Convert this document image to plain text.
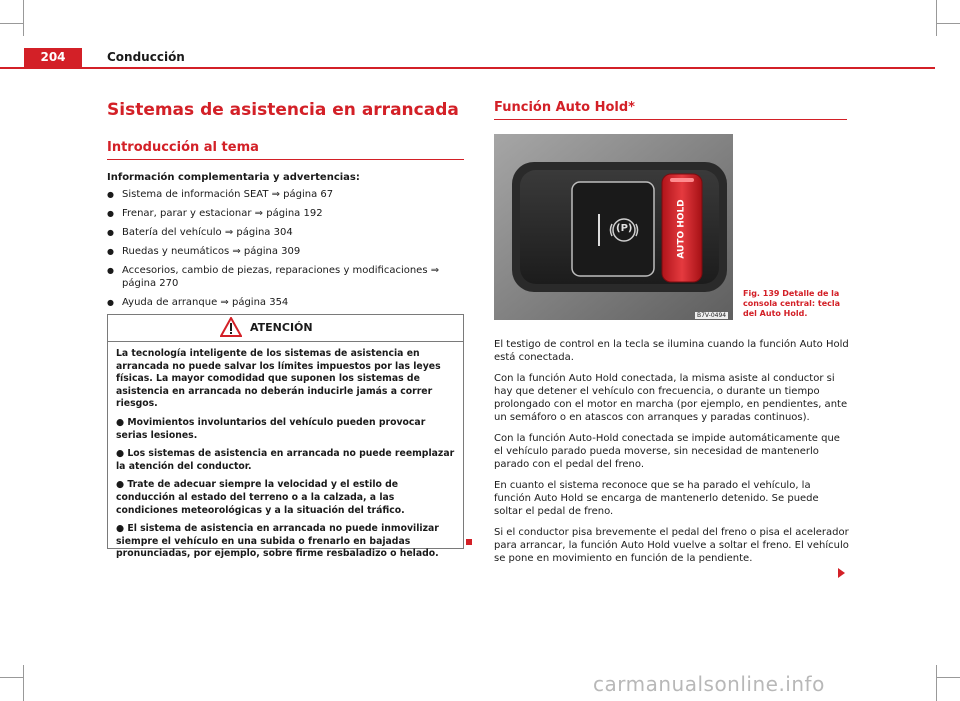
204	Conducción
Sistemas de asistencia en arrancada
Introducción al tema
Información complementaria y advertencias:
● Sistema de información SEAT ⇒ página 67
● Frenar, parar y estacionar ⇒ página 192
● Batería del vehículo ⇒ página 304
● Ruedas y neumáticos ⇒ página 309
● Accesorios, cambio de piezas, reparaciones y modificaciones ⇒ página 270
● Ayuda de arranque ⇒ página 354
ATENCIÓN

La tecnología inteligente de los sistemas de asistencia en arrancada no puede salvar los límites impuestos por las leyes físicas. La mayor comodidad que suponen los sistemas de asistencia en arrancada no deberán inducirle jamás a correr riesgos.

● Movimientos involuntarios del vehículo pueden provocar serias lesiones.

● Los sistemas de asistencia en arrancada no puede reemplazar la atención del conductor.

● Trate de adecuar siempre la velocidad y el estilo de conducción al estado del terreno o a la calzada, a las condiciones meteorológicas y a la situación del tráfico.

● El sistema de asistencia en arrancada no puede inmovilizar siempre el vehículo en una subida o frenarlo en bajadas pronunciadas, por ejemplo, sobre firme resbaladizo o helado.

Función Auto Hold*
(P)	AUTO HOLD
B7V-0494
Fig. 139 Detalle de la consola central: tecla del Auto Hold.

El testigo de control en la tecla se ilumina cuando la función Auto Hold está conectada.

Con la función Auto Hold conectada, la misma asiste al conductor si hay que detener el vehículo con frecuencia, o durante un tiempo prolongado con el motor en marcha (por ejemplo, en pendientes, ante un semáforo o en atascos con arranques y paradas continuos).

Con la función Auto-Hold conectada se impide automáticamente que el vehículo parado pueda moverse, sin necesidad de mantenerlo parado con el pedal del freno.

En cuanto el sistema reconoce que se ha parado el vehículo, la función Auto Hold se encarga de mantenerlo detenido. Se puede soltar el pedal de freno.

Si el conductor pisa brevemente el pedal del freno o pisa el acelerador para arrancar, la función Auto Hold vuelve a soltar el freno. El vehículo se pone en movimiento en función de la pendiente.

carmanualsonline.info
